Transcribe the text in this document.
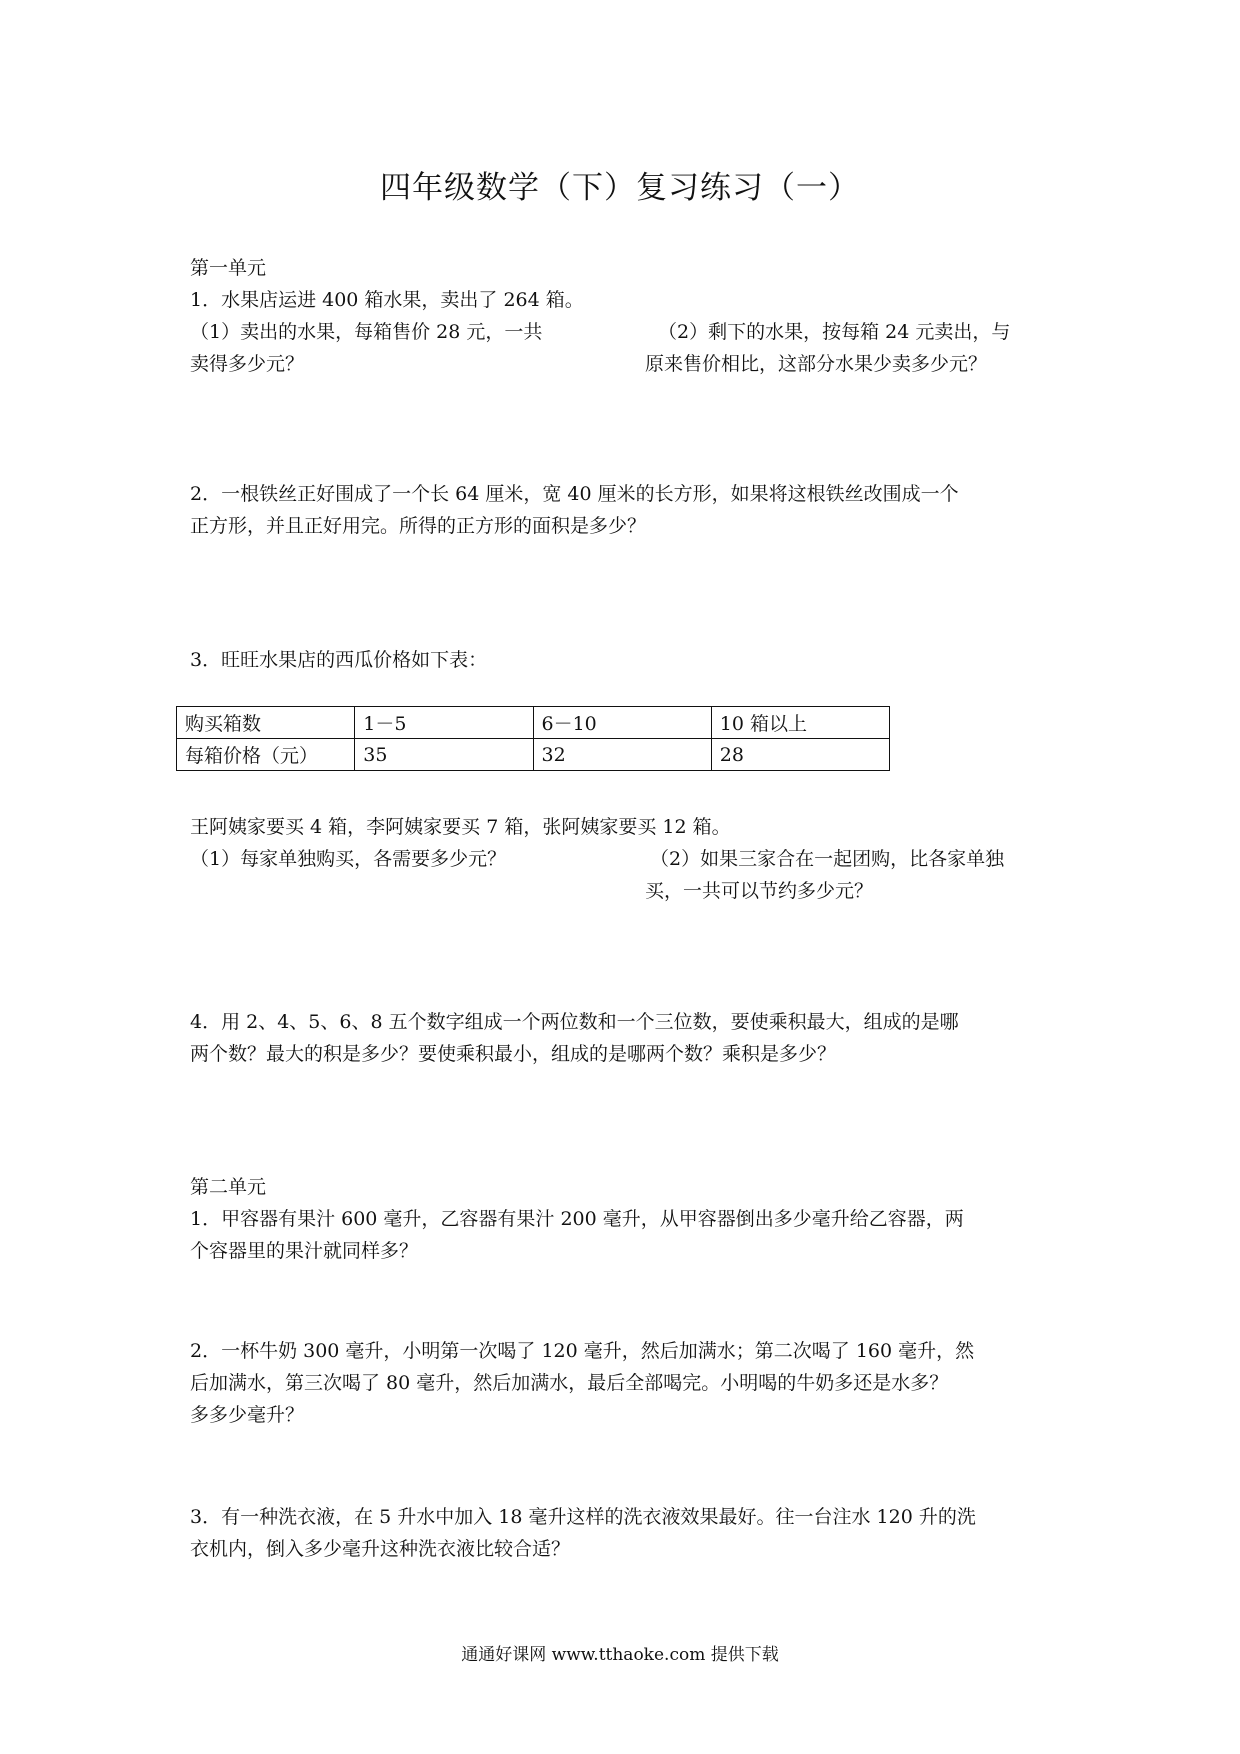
四年级数学（下）复习练习（一）
第一单元
1．水果店运进 400 箱水果，卖出了 264 箱。
（1）卖出的水果，每箱售价 28 元，一共
卖得多少元？
（2）剩下的水果，按每箱 24 元卖出，与
原来售价相比，这部分水果少卖多少元？
2．一根铁丝正好围成了一个长 64 厘米，宽 40 厘米的长方形，如果将这根铁丝改围成一个
正方形，并且正好用完。所得的正方形的面积是多少？
3．旺旺水果店的西瓜价格如下表：
购买箱数	1－5	6－10	10 箱以上
每箱价格（元）	35	32	28
王阿姨家要买 4 箱，李阿姨家要买 7 箱，张阿姨家要买 12 箱。
（1）每家单独购买，各需要多少元？	（2）如果三家合在一起团购，比各家单独
买，一共可以节约多少元？
4．用 2、4、5、6、8 五个数字组成一个两位数和一个三位数，要使乘积最大，组成的是哪
两个数？最大的积是多少？要使乘积最小，组成的是哪两个数？乘积是多少？
第二单元
1．甲容器有果汁 600 毫升，乙容器有果汁 200 毫升，从甲容器倒出多少毫升给乙容器，两
个容器里的果汁就同样多？
2．一杯牛奶 300 毫升，小明第一次喝了 120 毫升，然后加满水；第二次喝了 160 毫升，然
后加满水，第三次喝了 80 毫升，然后加满水，最后全部喝完。小明喝的牛奶多还是水多？
多多少毫升？
3．有一种洗衣液，在 5 升水中加入 18 毫升这样的洗衣液效果最好。往一台注水 120 升的洗
衣机内，倒入多少毫升这种洗衣液比较合适？
通通好课网 www.tthaoke.com 提供下载
